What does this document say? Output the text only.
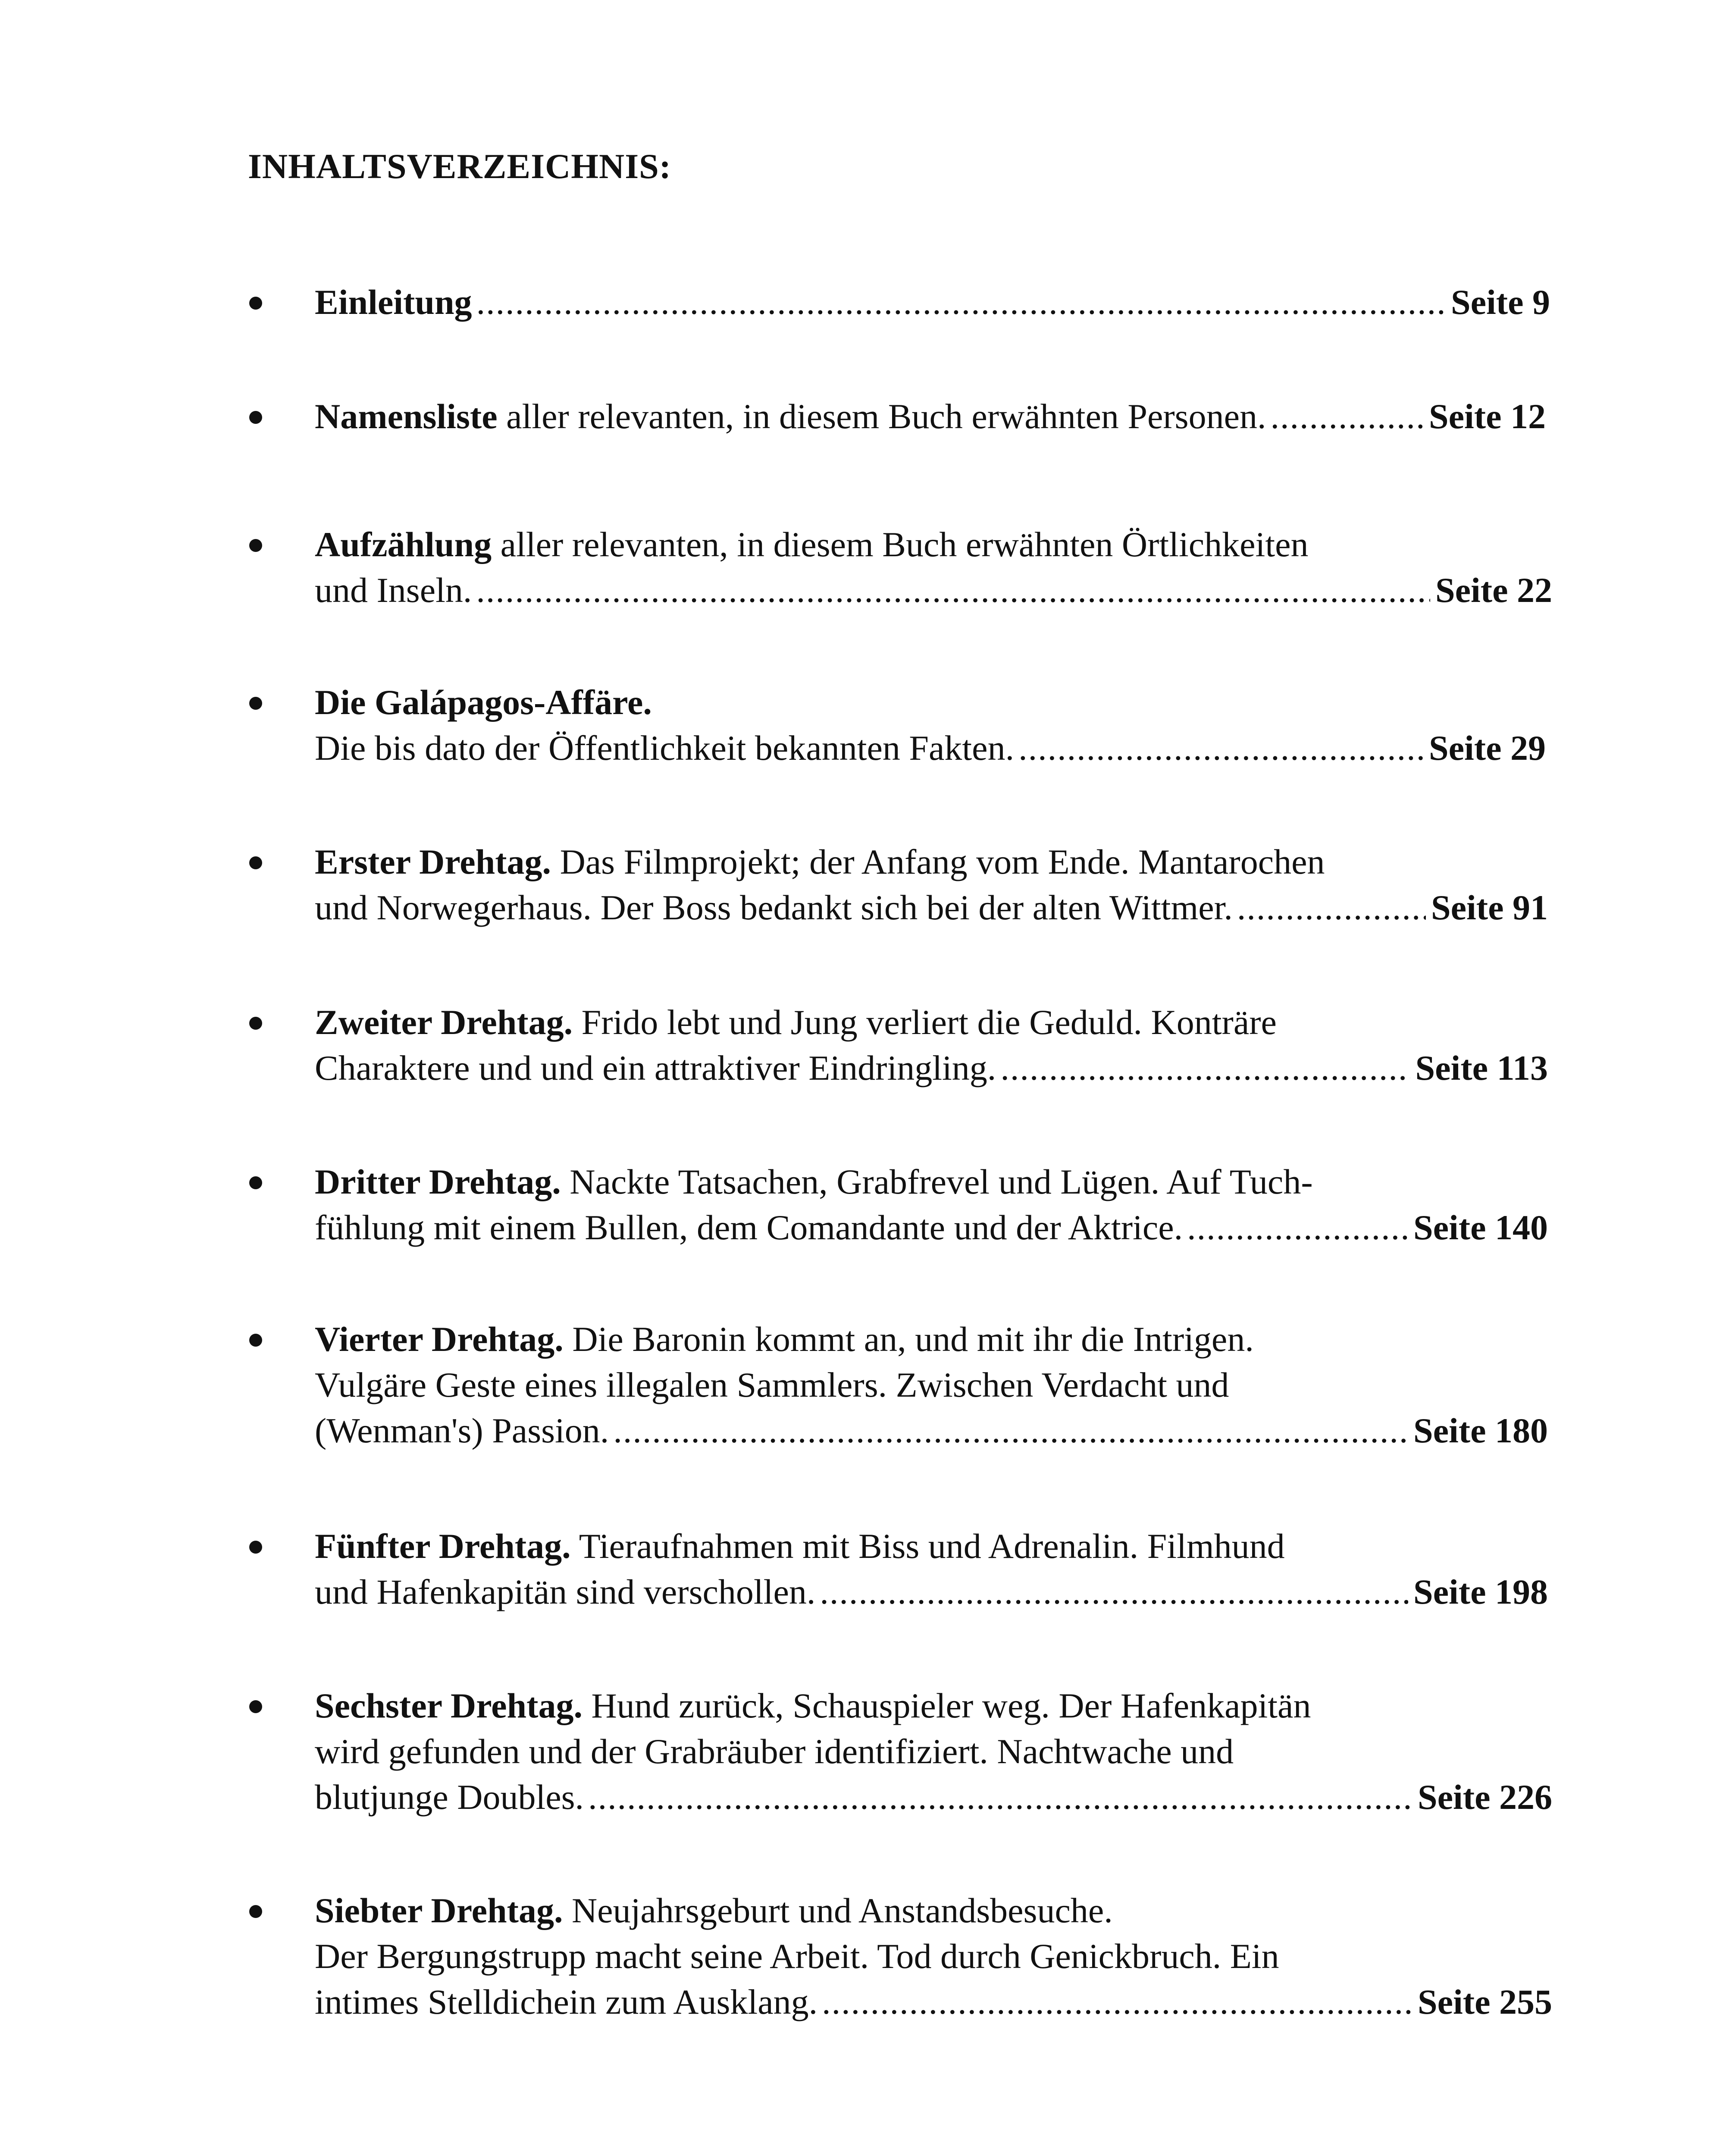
INHALTSVERZEICHNIS:
Einleitung .....	Seite 9
Namensliste aller relevanten, in diesem Buch erwähnten Personen. .....	Seite 12
Aufzählung aller relevanten, in diesem Buch erwähnten Örtlichkeiten
und Inseln. .....	Seite 22
Die Galápagos-Affäre.
Die bis dato der Öffentlichkeit bekannten Fakten. .....	Seite 29
Erster Drehtag. Das Filmprojekt; der Anfang vom Ende. Mantarochen
und Norwegerhaus. Der Boss bedankt sich bei der alten Wittmer. .....	Seite 91
Zweiter Drehtag. Frido lebt und Jung verliert die Geduld. Konträre
Charaktere und und ein attraktiver Eindringling. .....	Seite 113
Dritter Drehtag. Nackte Tatsachen, Grabfrevel und Lügen. Auf Tuch-
fühlung mit einem Bullen, dem Comandante und der Aktrice. .....	Seite 140
Vierter Drehtag. Die Baronin kommt an, und mit ihr die Intrigen.
Vulgäre Geste eines illegalen Sammlers. Zwischen Verdacht und
(Wenman's) Passion. .....	Seite 180
Fünfter Drehtag. Tieraufnahmen mit Biss und Adrenalin. Filmhund
und Hafenkapitän sind verschollen. .....	Seite 198
Sechster Drehtag. Hund zurück, Schauspieler weg. Der Hafenkapitän
wird gefunden und der Grabräuber identifiziert. Nachtwache und
blutjunge Doubles. .....	Seite 226
Siebter Drehtag. Neujahrsgeburt und Anstandsbesuche.
Der Bergungstrupp macht seine Arbeit. Tod durch Genickbruch. Ein
intimes Stelldichein zum Ausklang. .....	Seite 255
